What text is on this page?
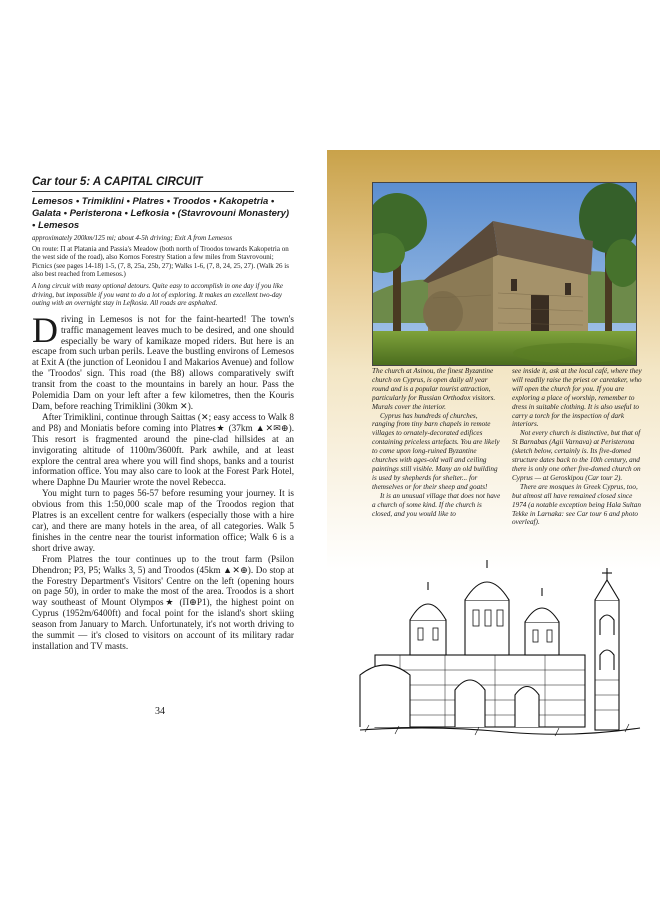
Car tour 5: A CAPITAL CIRCUIT
Lemesos • Trimiklini • Platres • Troodos • Kakopetria • Galata • Peristerona • Lefkosia • (Stavrovouni Monastery) • Lemesos
approximately 200km/125 mi; about 4-5h driving; Exit A from Lemesos
On route: Π at Platania and Passia's Meadow (both north of Troodos towards Kakopetria on the west side of the road), also Kornos Forestry Station a few miles from Stavrovouni; Picnics (see pages 14-18) 1-5, (7, 8, 25a, 25b, 27); Walks 1-6, (7, 8, 24, 25, 27). (Walk 26 is also best reached from Lemesos.)
A long circuit with many optional detours. Quite easy to accomplish in one day if you like driving, but impossible if you want to do a lot of exploring. It makes an excellent two-day outing with an overnight stay in Lefkosia. All roads are asphalted.

Driving in Lemesos is not for the faint-hearted! The town's traffic management leaves much to be desired, and one should especially be wary of kamikaze moped riders. But here is an escape from such urban perils. Leave the bustling environs of Lemesos at Exit A (the junction of Leonidou I and Makarios Avenue) and follow the 'Troodos' sign. This road (the B8) allows comparatively swift transit from the coast to the mountains in barely an hour. Pass the Polemidia Dam on your left after a few kilometres, then the Kouris Dam, before reaching Trimiklini (30km ✕).

After Trimiklini, continue through Saittas (✕; easy access to Walk 8 and P8) and Moniatis before coming into Platres★ (37km ▲✕✉⊕). This resort is fragmented around the pine-clad hillsides at an invigorating altitude of 1100m/3600ft. Park awhile, and at least explore the central area where you will find shops, banks and a tourist information office. You may also care to look at the Forest Park Hotel, where Daphne Du Maurier wrote the novel Rebecca.

You might turn to pages 56-57 before resuming your journey. It is obvious from this 1:50,000 scale map of the Troodos region that Platres is an excellent centre for walkers (especially those with a hire car), and there are many hotels in the area, of all categories. Walk 5 finishes in the centre near the tourist information office; Walk 6 is a short drive away.

From Platres the tour continues up to the trout farm (Psilon Dhendron; P3, P5; Walks 3, 5) and Troodos (45km ▲✕⊕). Do stop at the Forestry Department's Visitors' Centre on the left (opening hours on page 50), in order to make the most of the area. Troodos is a short way southeast of Mount Olympos★ (Π⊕P1), the highest point on Cyprus (1952m/6400ft) and focal point for the island's short skiing season from January to March. Unfortunately, it's not worth driving to the summit — it's closed to visitors on account of its military radar installation and TV masts.

34

The church at Asinou, the finest Byzantine church on Cyprus, is open daily all year round and is a popular tourist attraction, particularly for Russian Orthodox visitors. Murals cover the interior.

Cyprus has hundreds of churches, ranging from tiny barn chapels in remote villages to ornately-decorated edifices containing priceless artefacts. You are likely to come upon long-ruined Byzantine churches with ages-old wall and ceiling paintings still visible. Many an old building is used by shepherds for shelter... for themselves or for their sheep and goats!

It is an unusual village that does not have a church of some kind. If the church is closed, and you would like to

see inside it, ask at the local café, where they will readily raise the priest or caretaker, who will open the church for you. If you are exploring a place of worship, remember to dress in suitable clothing. It is also useful to carry a torch for the inspection of dark interiors.

Not every church is distinctive, but that of St Barnabas (Agii Varnava) at Peristerona (sketch below, certainly is. Its five-domed structure dates back to the 10th century, and there is only one other five-domed church on Cyprus — at Geroskipou (Car tour 2).

There are mosques in Greek Cyprus, too, but almost all have remained closed since 1974 (a notable exception being Hala Sultan Tekke in Larnaka: see Car tour 6 and photo overleaf).
